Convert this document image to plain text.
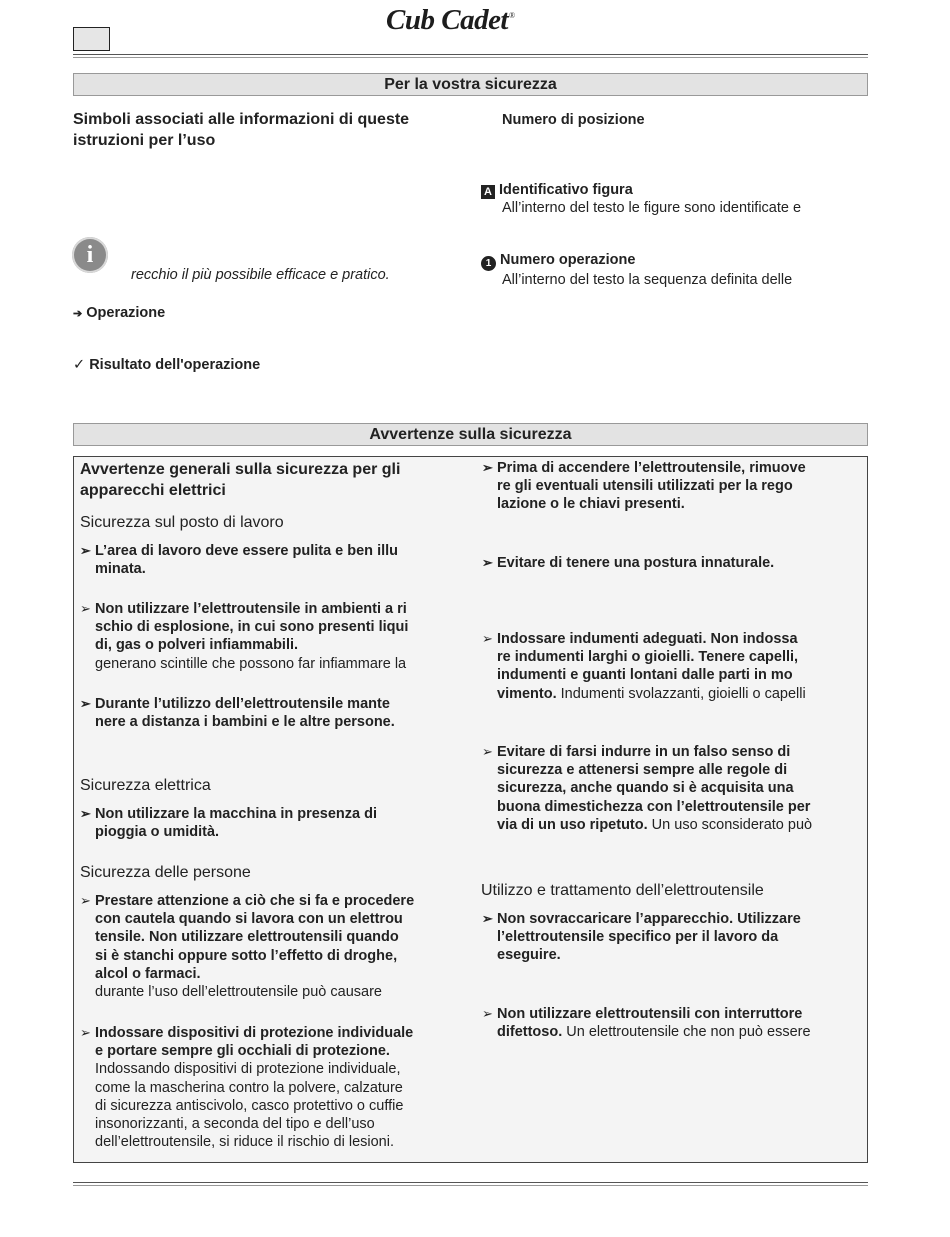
Cub Cadet®
Per la vostra sicurezza
Simboli associati alle informazioni di queste
istruzioni per l’uso
i
recchio il più possibile efficace e pratico.
➔ Operazione
✓ Risultato dell'operazione
Numero di posizione
A Identificativo figura
All’interno del testo le figure sono identificate e
1 Numero operazione
All’interno del testo la sequenza definita delle
Avvertenze sulla sicurezza
Avvertenze generali sulla sicurezza per gli
apparecchi elettrici
Sicurezza sul posto di lavoro
➢ L’area di lavoro deve essere pulita e ben illu
minata.
➢ Non utilizzare l’elettroutensile in ambienti a ri
schio di esplosione, in cui sono presenti liqui
di, gas o polveri infiammabili.
generano scintille che possono far infiammare la
➢ Durante l’utilizzo dell’elettroutensile mante
nere a distanza i bambini e le altre persone.
Sicurezza elettrica
➢ Non utilizzare la macchina in presenza di
pioggia o umidità.
Sicurezza delle persone
➢ Prestare attenzione a ciò che si fa e procedere
con cautela quando si lavora con un elettrou
tensile. Non utilizzare elettroutensili quando
si è stanchi oppure sotto l’effetto di droghe,
alcol o farmaci.
durante l’uso dell’elettroutensile può causare
➢ Indossare dispositivi di protezione individuale
e portare sempre gli occhiali di protezione.
Indossando dispositivi di protezione individuale,
come la mascherina contro la polvere, calzature
di sicurezza antiscivolo, casco protettivo o cuffie
insonorizzanti, a seconda del tipo e dell’uso
dell’elettroutensile, si riduce il rischio di lesioni.
➢ Prima di accendere l’elettroutensile, rimuove
re gli eventuali utensili utilizzati per la rego
lazione o le chiavi presenti.
➢ Evitare di tenere una postura innaturale.
➢ Indossare indumenti adeguati. Non indossa
re indumenti larghi o gioielli. Tenere capelli,
indumenti e guanti lontani dalle parti in mo
vimento. Indumenti svolazzanti, gioielli o capelli
➢ Evitare di farsi indurre in un falso senso di
sicurezza e attenersi sempre alle regole di
sicurezza, anche quando si è acquisita una
buona dimestichezza con l’elettroutensile per
via di un uso ripetuto. Un uso sconsiderato può
Utilizzo e trattamento dell’elettroutensile
➢ Non sovraccaricare l’apparecchio. Utilizzare
l’elettroutensile specifico per il lavoro da
eseguire.
➢ Non utilizzare elettroutensili con interruttore
difettoso. Un elettroutensile che non può essere
